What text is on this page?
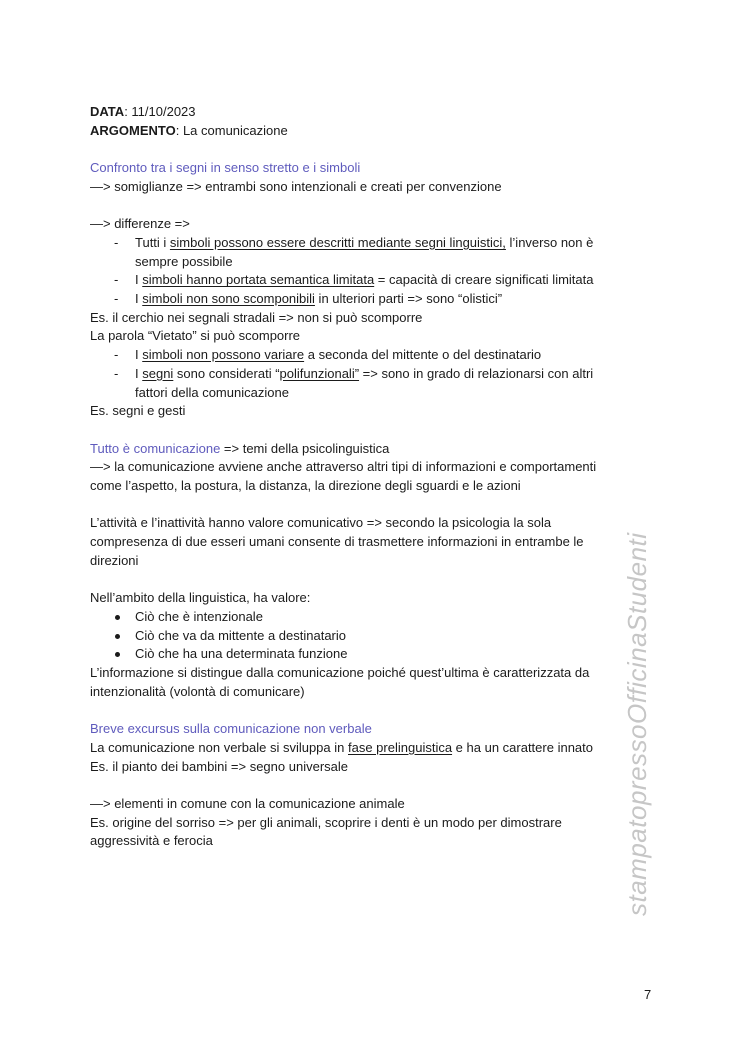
DATA: 11/10/2023
ARGOMENTO: La comunicazione
Confronto tra i segni in senso stretto e i simboli
—> somiglianze => entrambi sono intenzionali e creati per convenzione
—> differenze =>
- Tutti i simboli possono essere descritti mediante segni linguistici, l’inverso non è sempre possibile
- I simboli hanno portata semantica limitata = capacità di creare significati limitata
- I simboli non sono scomponibili in ulteriori parti => sono “olistici”
Es. il cerchio nei segnali stradali => non si può scomporre
La parola “Vietato” si può scomporre
- I simboli non possono variare a seconda del mittente o del destinatario
- I segni sono considerati “polifunzionali” => sono in grado di relazionarsi con altri fattori della comunicazione
Es. segni e gesti
Tutto è comunicazione => temi della psicolinguistica
—> la comunicazione avviene anche attraverso altri tipi di informazioni e comportamenti come l’aspetto, la postura, la distanza, la direzione degli sguardi e le azioni
L’attività e l’inattività hanno valore comunicativo => secondo la psicologia la sola compresenza di due esseri umani consente di trasmettere informazioni in entrambe le direzioni
Nell’ambito della linguistica, ha valore:
Ciò che è intenzionale
Ciò che va da mittente a destinatario
Ciò che ha una determinata funzione
L’informazione si distingue dalla comunicazione poiché quest’ultima è caratterizzata da intenzionalità (volontà di comunicare)
Breve excursus sulla comunicazione non verbale
La comunicazione non verbale si sviluppa in fase prelinguistica e ha un carattere innato
Es. il pianto dei bambini => segno universale
—> elementi in comune con la comunicazione animale
Es. origine del sorriso => per gli animali, scoprire i denti è un modo per dimostrare aggressività e ferocia	stampatopressoOfficinaStudenti
7
